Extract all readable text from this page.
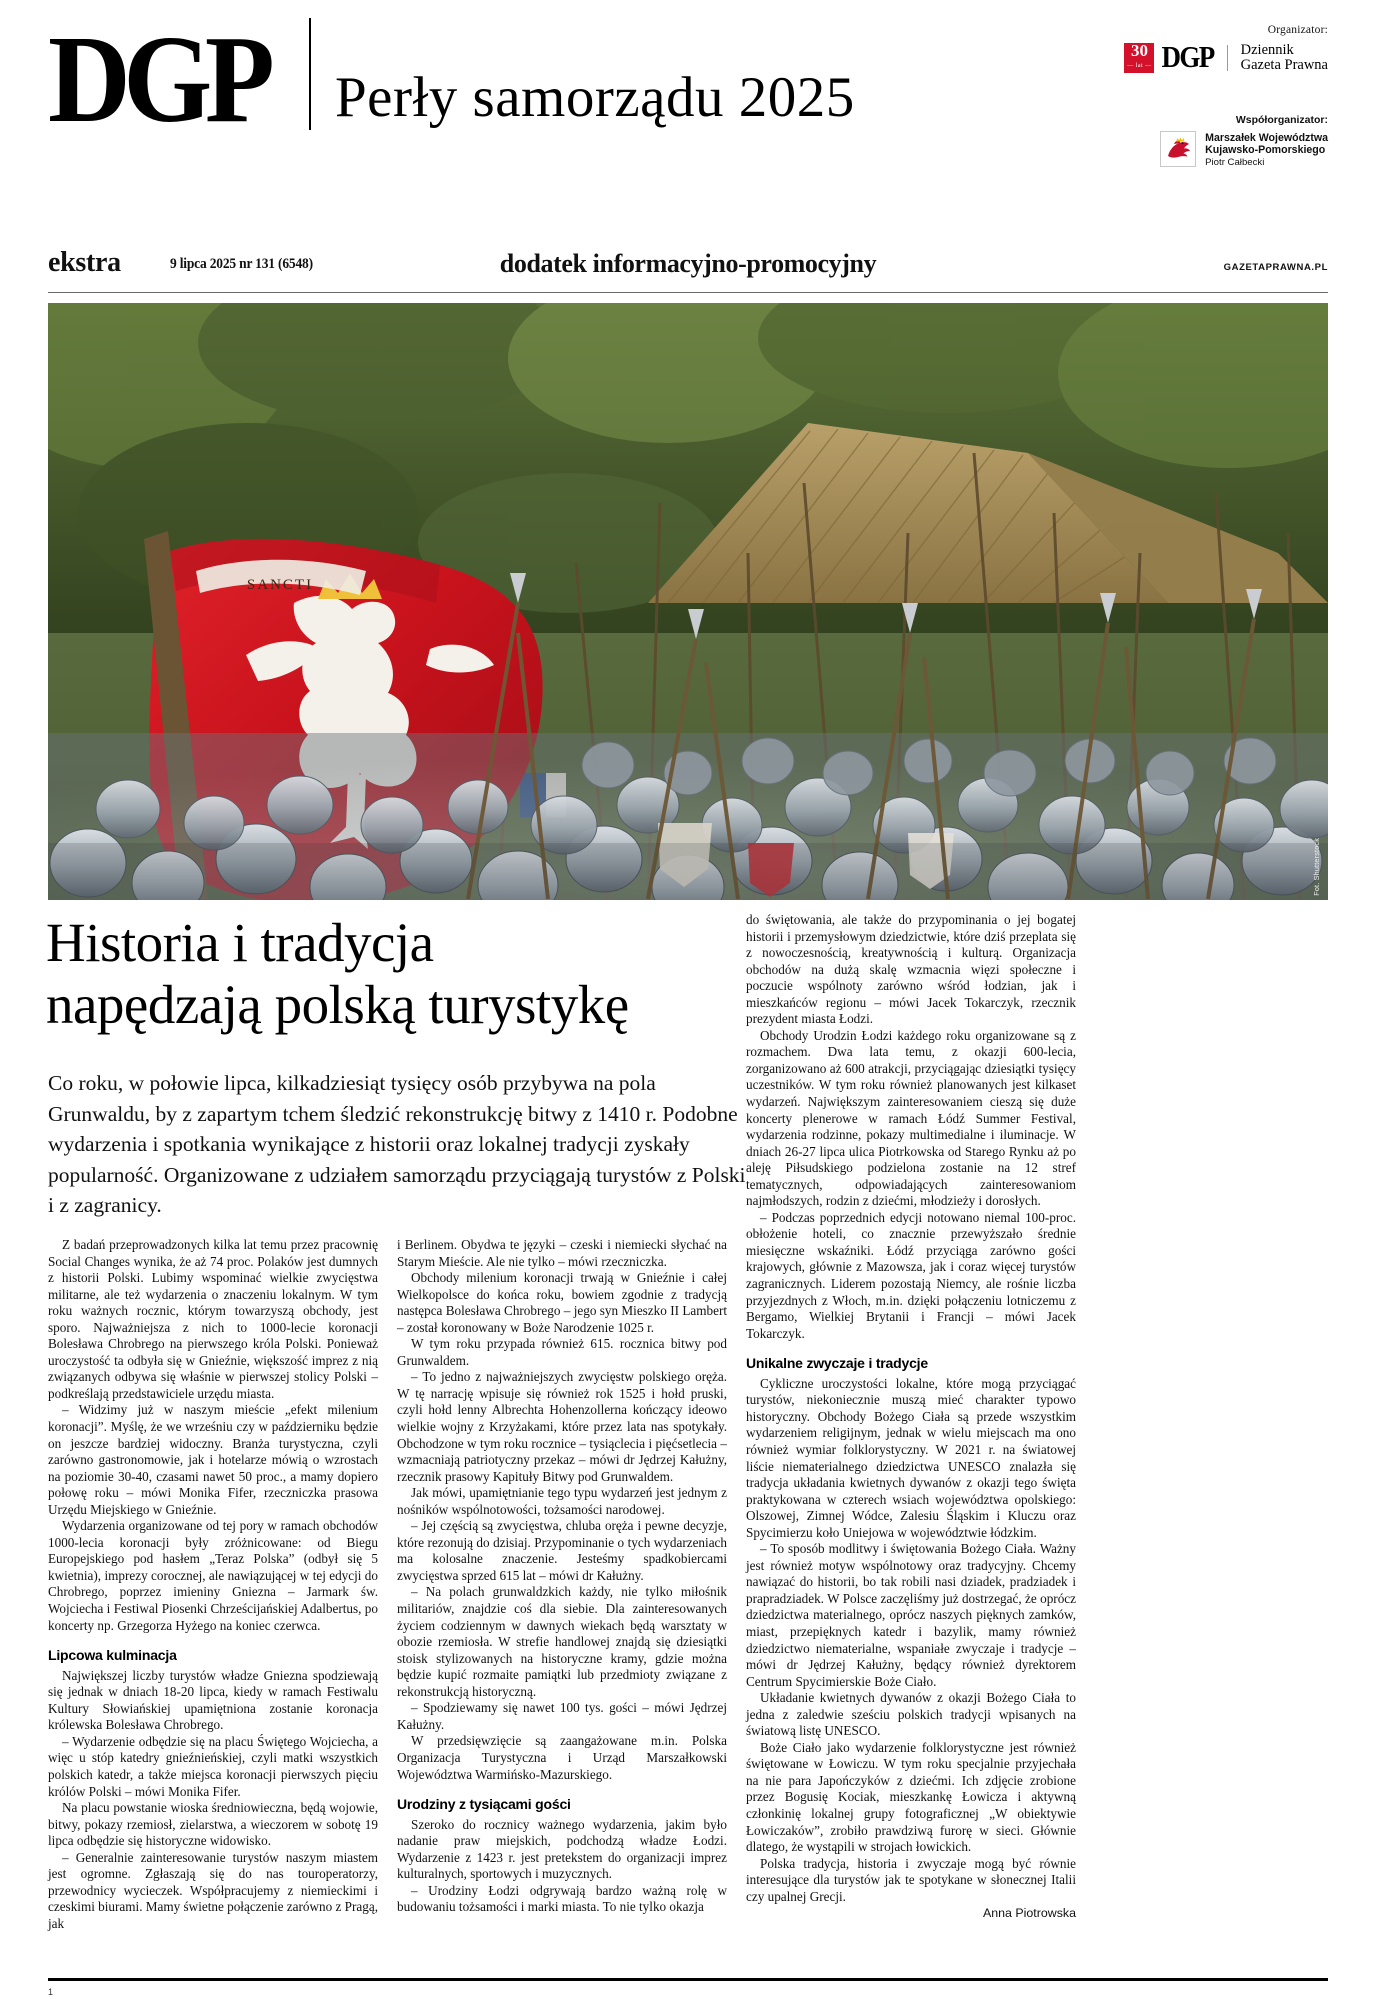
DGP Perły samorządu 2025
Organizator:
30
— lat — DGP Dziennik
Gazeta Prawna
Współorganizator:
Marszałek Województwa
Kujawsko-Pomorskiego
Piotr Całbecki
ekstra	9 lipca 2025 nr 131 (6548)	dodatek informacyjno-promocyjny	GAZETAPRAWNA.PL
SANCTI
Fot. Shutterstock
Historia i tradycja
napędzają polską turystykę
Co roku, w połowie lipca, kilkadziesiąt tysięcy osób przybywa na pola Grunwaldu, by z zapartym tchem śledzić rekonstrukcję bitwy z 1410 r. Podobne wydarzenia i spotkania wynikające z historii oraz lokalnej tradycji zyskały popularność. Organizowane z udziałem samorządu przyciągają turystów z Polski i z zagranicy.

Z badań przeprowadzonych kilka lat temu przez pracownię Social Changes wynika, że aż 74 proc. Polaków jest dumnych z historii Polski. Lubimy wspominać wielkie zwycięstwa militarne, ale też wydarzenia o znaczeniu lokalnym. W tym roku ważnych rocznic, którym towarzyszą obchody, jest sporo. Najważniejsza z nich to 1000-lecie koronacji Bolesława Chrobrego na pierwszego króla Polski. Ponieważ uroczystość ta odbyła się w Gnieźnie, większość imprez z nią związanych odbywa się właśnie w pierwszej stolicy Polski – podkreślają przedstawiciele urzędu miasta.

– Widzimy już w naszym mieście „efekt milenium koronacji”. Myślę, że we wrześniu czy w październiku będzie on jeszcze bardziej widoczny. Branża turystyczna, czyli zarówno gastronomowie, jak i hotelarze mówią o wzrostach na poziomie 30-40, czasami nawet 50 proc., a mamy dopiero połowę roku – mówi Monika Fifer, rzeczniczka prasowa Urzędu Miejskiego w Gnieźnie.

Wydarzenia organizowane od tej pory w ramach obchodów 1000-lecia koronacji były zróżnicowane: od Biegu Europejskiego pod hasłem „Teraz Polska” (odbył się 5 kwietnia), imprezy corocznej, ale nawiązującej w tej edycji do Chrobrego, poprzez imieniny Gniezna – Jarmark św. Wojciecha i Festiwal Piosenki Chrześcijańskiej Adalbertus, po koncerty np. Grzegorza Hyżego na koniec czerwca.

Lipcowa kulminacja

Największej liczby turystów władze Gniezna spodziewają się jednak w dniach 18-20 lipca, kiedy w ramach Festiwalu Kultury Słowiańskiej upamiętniona zostanie koronacja królewska Bolesława Chrobrego.

– Wydarzenie odbędzie się na placu Świętego Wojciecha, a więc u stóp katedry gnieźnieńskiej, czyli matki wszystkich polskich katedr, a także miejsca koronacji pierwszych pięciu królów Polski – mówi Monika Fifer.

Na placu powstanie wioska średniowieczna, będą wojowie, bitwy, pokazy rzemiosł, zielarstwa, a wieczorem w sobotę 19 lipca odbędzie się historyczne widowisko.

– Generalnie zainteresowanie turystów naszym miastem jest ogromne. Zgłaszają się do nas touroperatorzy, przewodnicy wycieczek. Współpracujemy z niemieckimi i czeskimi biurami. Mamy świetne połączenie zarówno z Pragą, jak

i Berlinem. Obydwa te języki – czeski i niemiecki słychać na Starym Mieście. Ale nie tylko – mówi rzeczniczka.

Obchody milenium koronacji trwają w Gnieźnie i całej Wielkopolsce do końca roku, bowiem zgodnie z tradycją następca Bolesława Chrobrego – jego syn Mieszko II Lambert – został koronowany w Boże Narodzenie 1025 r.

W tym roku przypada również 615. rocznica bitwy pod Grunwaldem.

– To jedno z najważniejszych zwycięstw polskiego oręża. W tę narrację wpisuje się również rok 1525 i hołd pruski, czyli hołd lenny Albrechta Hohenzollerna kończący ideowo wielkie wojny z Krzyżakami, które przez lata nas spotykały. Obchodzone w tym roku rocznice – tysiąclecia i pięćsetlecia – wzmacniają patriotyczny przekaz – mówi dr Jędrzej Kałużny, rzecznik prasowy Kapituły Bitwy pod Grunwaldem.

Jak mówi, upamiętnianie tego typu wydarzeń jest jednym z nośników wspólnotowości, tożsamości narodowej.

– Jej częścią są zwycięstwa, chluba oręża i pewne decyzje, które rezonują do dzisiaj. Przypominanie o tych wydarzeniach ma kolosalne znaczenie. Jesteśmy spadkobiercami zwycięstwa sprzed 615 lat – mówi dr Kałużny.

– Na polach grunwaldzkich każdy, nie tylko miłośnik militariów, znajdzie coś dla siebie. Dla zainteresowanych życiem codziennym w dawnych wiekach będą warsztaty w obozie rzemiosła. W strefie handlowej znajdą się dziesiątki stoisk stylizowanych na historyczne kramy, gdzie można będzie kupić rozmaite pamiątki lub przedmioty związane z rekonstrukcją historyczną.

– Spodziewamy się nawet 100 tys. gości – mówi Jędrzej Kałużny.

W przedsięwzięcie są zaangażowane m.in. Polska Organizacja Turystyczna i Urząd Marszałkowski Województwa Warmińsko-Mazurskiego.

Urodziny z tysiącami gości

Szeroko do rocznicy ważnego wydarzenia, jakim było nadanie praw miejskich, podchodzą władze Łodzi. Wydarzenie z 1423 r. jest pretekstem do organizacji imprez kulturalnych, sportowych i muzycznych.

– Urodziny Łodzi odgrywają bardzo ważną rolę w budowaniu tożsamości i marki miasta. To nie tylko okazja

do świętowania, ale także do przypominania o jej bogatej historii i przemysłowym dziedzictwie, które dziś przeplata się z nowoczesnością, kreatywnością i kulturą. Organizacja obchodów na dużą skalę wzmacnia więzi społeczne i poczucie wspólnoty zarówno wśród łodzian, jak i mieszkańców regionu – mówi Jacek Tokarczyk, rzecznik prezydent miasta Łodzi.

Obchody Urodzin Łodzi każdego roku organizowane są z rozmachem. Dwa lata temu, z okazji 600-lecia, zorganizowano aż 600 atrakcji, przyciągając dziesiątki tysięcy uczestników. W tym roku również planowanych jest kilkaset wydarzeń. Największym zainteresowaniem cieszą się duże koncerty plenerowe w ramach Łódź Summer Festival, wydarzenia rodzinne, pokazy multimedialne i iluminacje. W dniach 26-27 lipca ulica Piotrkowska od Starego Rynku aż po aleję Piłsudskiego podzielona zostanie na 12 stref tematycznych, odpowiadających zainteresowaniom najmłodszych, rodzin z dziećmi, młodzieży i dorosłych.

– Podczas poprzednich edycji notowano niemal 100-proc. obłożenie hoteli, co znacznie przewyższało średnie miesięczne wskaźniki. Łódź przyciąga zarówno gości krajowych, głównie z Mazowsza, jak i coraz więcej turystów zagranicznych. Liderem pozostają Niemcy, ale rośnie liczba przyjezdnych z Włoch, m.in. dzięki połączeniu lotniczemu z Bergamo, Wielkiej Brytanii i Francji – mówi Jacek Tokarczyk.

Unikalne zwyczaje i tradycje

Cykliczne uroczystości lokalne, które mogą przyciągać turystów, niekoniecznie muszą mieć charakter typowo historyczny. Obchody Bożego Ciała są przede wszystkim wydarzeniem religijnym, jednak w wielu miejscach ma ono również wymiar folklorystyczny. W 2021 r. na światowej liście niematerialnego dziedzictwa UNESCO znalazła się tradycja układania kwietnych dywanów z okazji tego święta praktykowana w czterech wsiach województwa opolskiego: Olszowej, Zimnej Wódce, Zalesiu Śląskim i Kluczu oraz Spycimierzu koło Uniejowa w województwie łódzkim.

– To sposób modlitwy i świętowania Bożego Ciała. Ważny jest również motyw wspólnotowy oraz tradycyjny. Chcemy nawiązać do historii, bo tak robili nasi dziadek, pradziadek i prapradziadek. W Polsce zaczęliśmy już dostrzegać, że oprócz dziedzictwa materialnego, oprócz naszych pięknych zamków, miast, przepięknych katedr i bazylik, mamy również dziedzictwo niematerialne, wspaniałe zwyczaje i tradycje – mówi dr Jędrzej Kałużny, będący również dyrektorem Centrum Spycimierskie Boże Ciało.

Układanie kwietnych dywanów z okazji Bożego Ciała to jedna z zaledwie sześciu polskich tradycji wpisanych na światową listę UNESCO.

Boże Ciało jako wydarzenie folklorystyczne jest również świętowane w Łowiczu. W tym roku specjalnie przyjechała na nie para Japończyków z dziećmi. Ich zdjęcie zrobione przez Bogusię Kociak, mieszkankę Łowicza i aktywną członkinię lokalnej grupy fotograficznej „W obiektywie Łowiczaków”, zrobiło prawdziwą furorę w sieci. Głównie dlatego, że wystąpili w strojach łowickich.

Polska tradycja, historia i zwyczaje mogą być równie interesujące dla turystów jak te spotykane w słonecznej Italii czy upalnej Grecji.

Anna Piotrowska

1
